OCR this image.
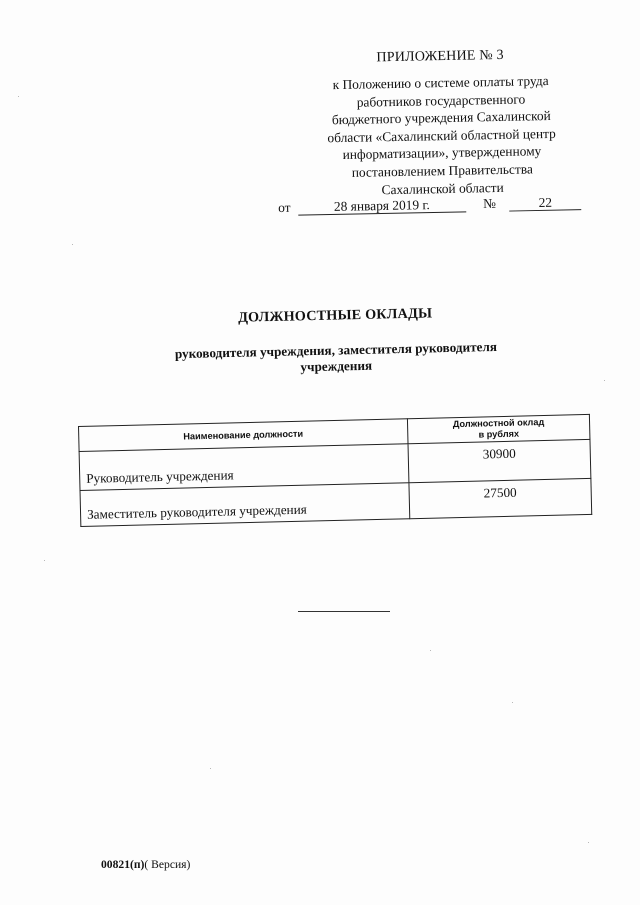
ПРИЛОЖЕНИЕ № 3
к Положению о системе оплаты труда
работников государственного
бюджетного учреждения Сахалинской
области «Сахалинский областной центр
информатизации», утвержденному
постановлением Правительства
Сахалинской области
от	28 января 2019 г.	№	22
ДОЛЖНОСТНЫЕ ОКЛАДЫ
руководителя учреждения, заместителя руководителя
учреждения
Наименование должности	Должностной оклад
в рублях
Руководитель учреждения	30900
Заместитель руководителя учреждения	27500
00821(п)( Версия)
